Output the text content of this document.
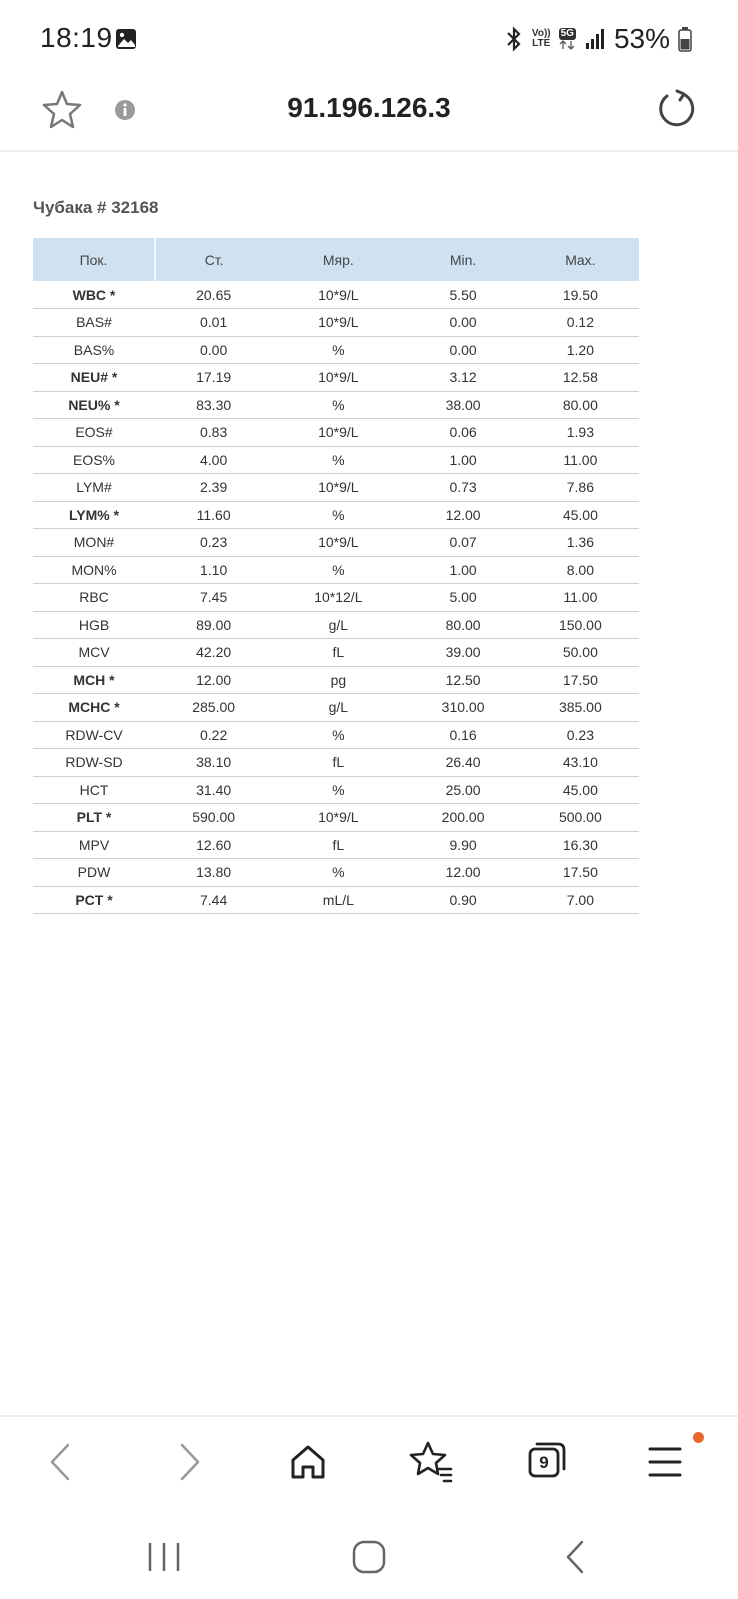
18:19	Vo))
LTE
5G 53%
91.196.126.3
Чубака # 32168
Пок.	Ст.	Мяр.	Min.	Max.
WBC *	20.65	10*9/L	5.50	19.50
BAS#	0.01	10*9/L	0.00	0.12
BAS%	0.00	%	0.00	1.20
NEU# *	17.19	10*9/L	3.12	12.58
NEU% *	83.30	%	38.00	80.00
EOS#	0.83	10*9/L	0.06	1.93
EOS%	4.00	%	1.00	11.00
LYM#	2.39	10*9/L	0.73	7.86
LYM% *	11.60	%	12.00	45.00
MON#	0.23	10*9/L	0.07	1.36
MON%	1.10	%	1.00	8.00
RBC	7.45	10*12/L	5.00	11.00
HGB	89.00	g/L	80.00	150.00
MCV	42.20	fL	39.00	50.00
MCH *	12.00	pg	12.50	17.50
MCHC *	285.00	g/L	310.00	385.00
RDW-CV	0.22	%	0.16	0.23
RDW-SD	38.10	fL	26.40	43.10
HCT	31.40	%	25.00	45.00
PLT *	590.00	10*9/L	200.00	500.00
MPV	12.60	fL	9.90	16.30
PDW	13.80	%	12.00	17.50
PCT *	7.44	mL/L	0.90	7.00
9
